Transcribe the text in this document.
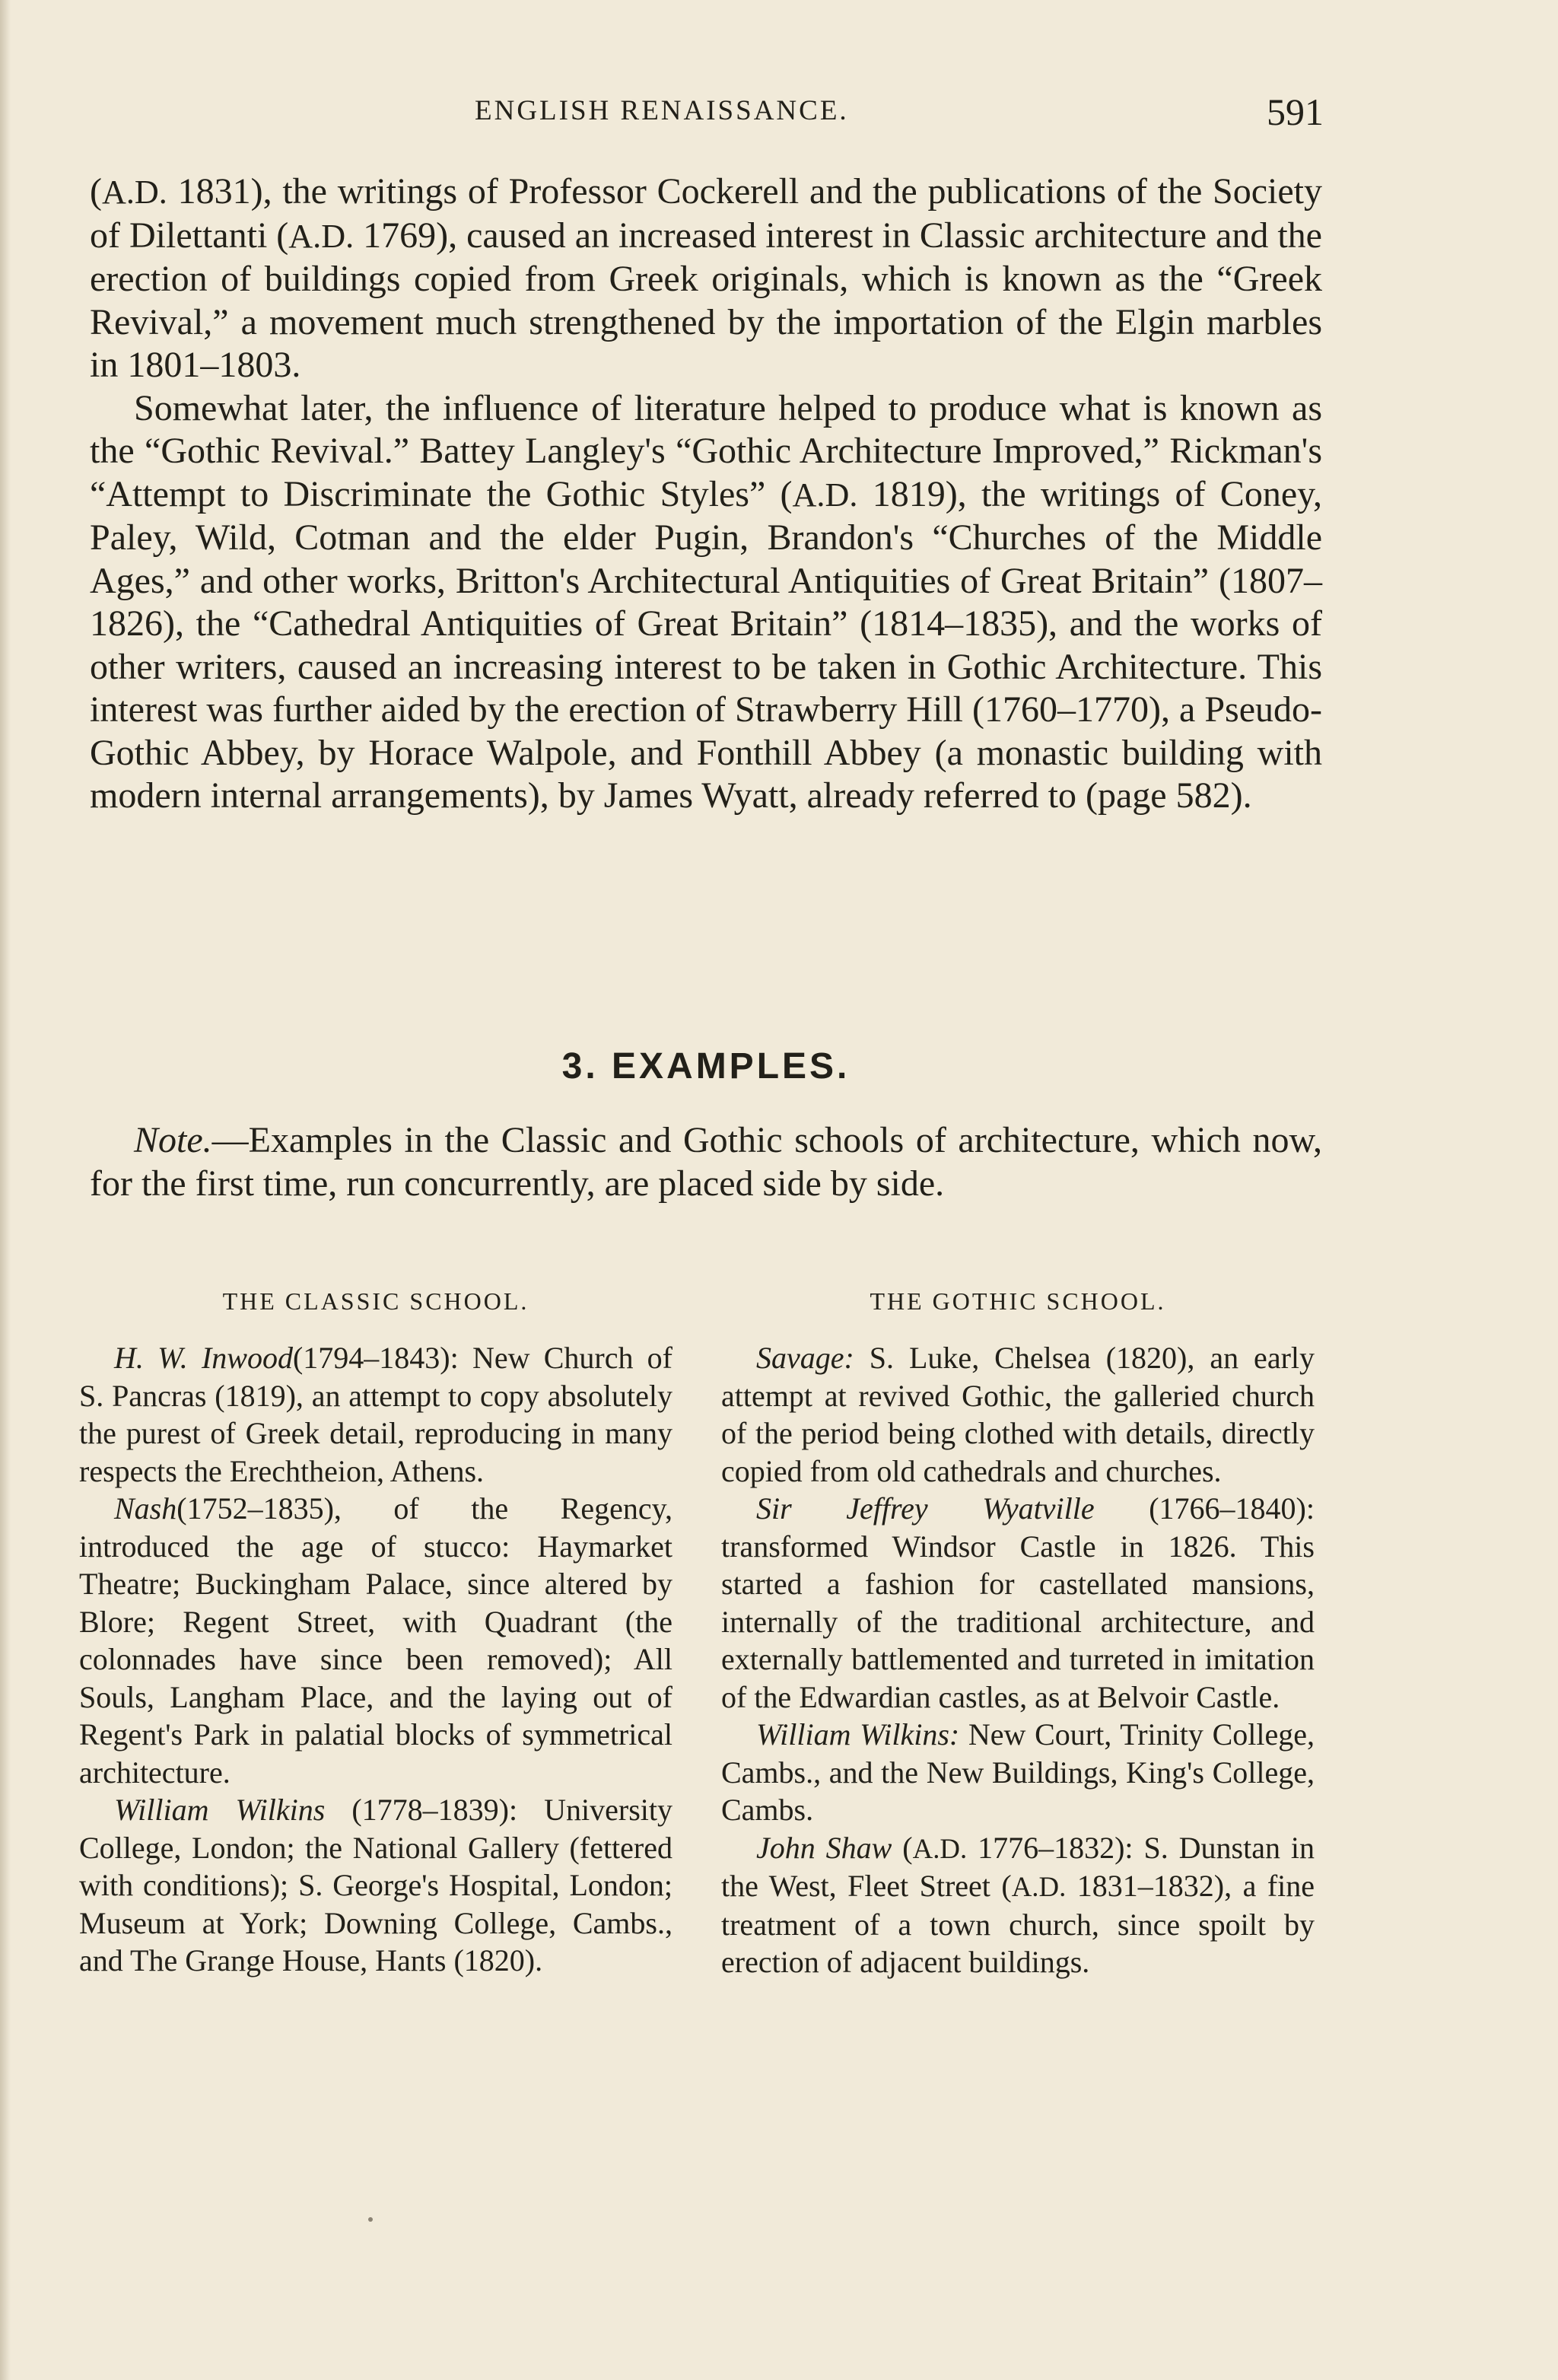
ENGLISH RENAISSANCE.	591

(A.D. 1831), the writings of Professor Cockerell and the publications of the Society of Dilettanti (A.D. 1769), caused an increased interest in Classic architecture and the erection of buildings copied from Greek originals, which is known as the “Greek Revival,” a movement much strengthened by the importation of the Elgin marbles in 1801–1803.

Somewhat later, the influence of literature helped to produce what is known as the “Gothic Revival.” Battey Langley's “Gothic Architecture Improved,” Rickman's “Attempt to Discriminate the Gothic Styles” (A.D. 1819), the writings of Coney, Paley, Wild, Cotman and the elder Pugin, Brandon's “Churches of the Middle Ages,” and other works, Britton's Architectural Antiquities of Great Britain” (1807–1826), the “Cathedral Antiquities of Great Britain” (1814–1835), and the works of other writers, caused an increasing interest to be taken in Gothic Architecture. This interest was further aided by the erection of Strawberry Hill (1760–1770), a Pseudo-Gothic Abbey, by Horace Walpole, and Fonthill Abbey (a monastic building with modern internal arrangements), by James Wyatt, already referred to (page 582).

3. EXAMPLES.

Note.—Examples in the Classic and Gothic schools of architecture, which now, for the first time, run concurrently, are placed side by side.

THE CLASSIC SCHOOL.

H. W. Inwood(1794–1843): New Church of S. Pancras (1819), an attempt to copy absolutely the purest of Greek detail, reproducing in many respects the Erechtheion, Athens.

Nash(1752–1835), of the Regency, introduced the age of stucco: Haymarket Theatre; Buckingham Palace, since altered by Blore; Regent Street, with Quadrant (the colonnades have since been removed); All Souls, Langham Place, and the laying out of Regent's Park in palatial blocks of symmetrical architecture.

William Wilkins (1778–1839): University College, London; the National Gallery (fettered with conditions); S. George's Hospital, London; Museum at York; Downing College, Cambs., and The Grange House, Hants (1820).

THE GOTHIC SCHOOL.

Savage: S. Luke, Chelsea (1820), an early attempt at revived Gothic, the galleried church of the period being clothed with details, directly copied from old cathedrals and churches.

Sir Jeffrey Wyatville (1766–1840): transformed Windsor Castle in 1826. This started a fashion for castellated mansions, internally of the traditional architecture, and externally battlemented and turreted in imitation of the Edwardian castles, as at Belvoir Castle.

William Wilkins: New Court, Trinity College, Cambs., and the New Buildings, King's College, Cambs.

John Shaw (A.D. 1776–1832): S. Dunstan in the West, Fleet Street (A.D. 1831–1832), a fine treatment of a town church, since spoilt by erection of adjacent buildings.
